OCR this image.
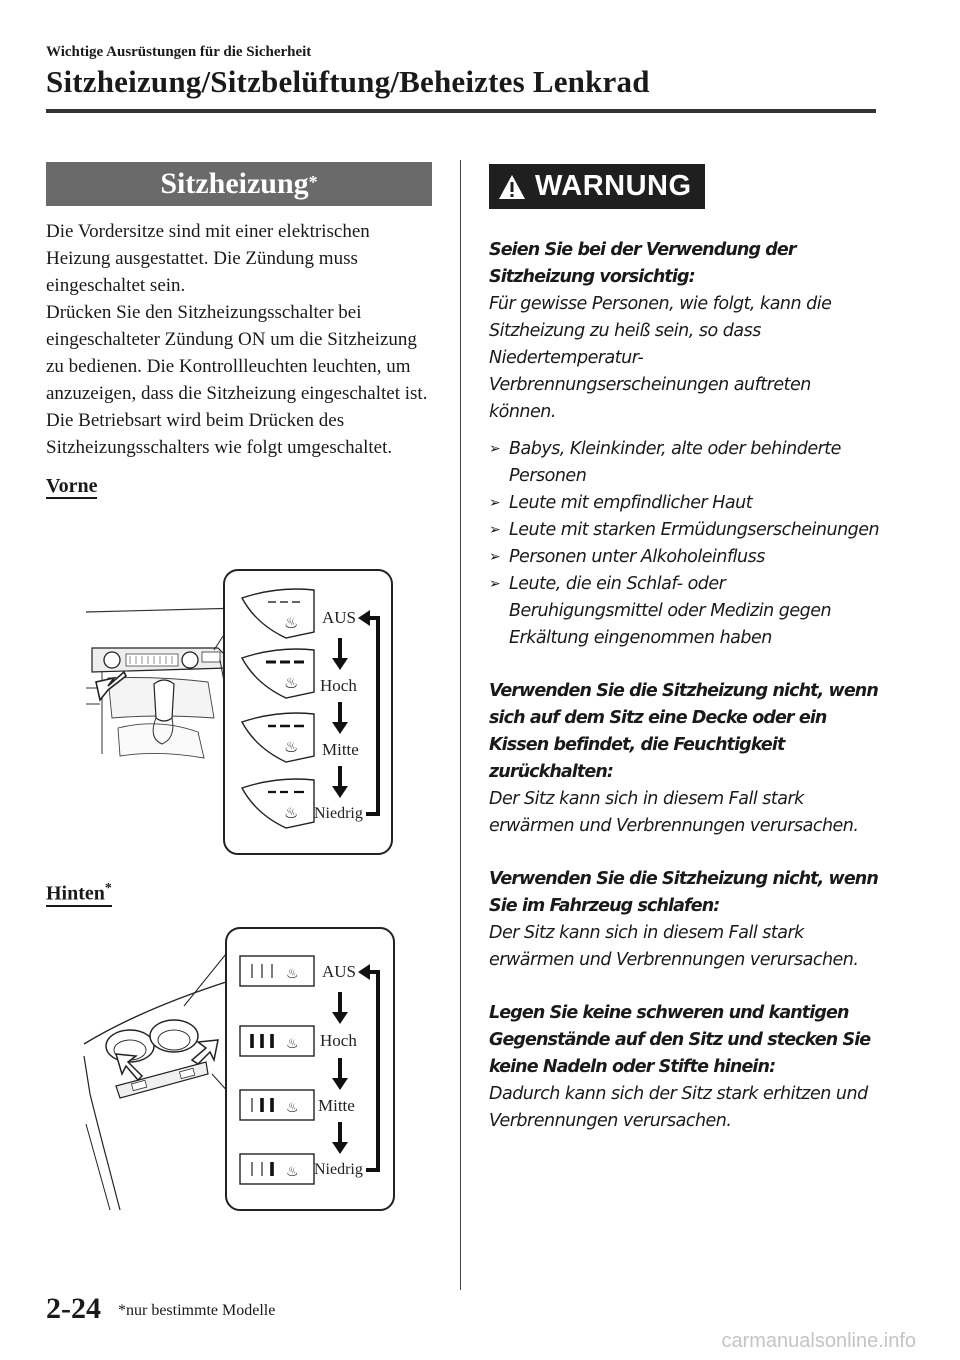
Wichtige Ausrüstungen für die Sicherheit
Sitzheizung/Sitzbelüftung/Beheiztes Lenkrad
Sitzheizung*

Die Vordersitze sind mit einer elektrischen Heizung ausgestattet. Die Zündung muss eingeschaltet sein.

Drücken Sie den Sitzheizungsschalter bei eingeschalteter Zündung ON um die Sitzheizung zu bedienen. Die Kontrollleuchten leuchten, um anzuzeigen, dass die Sitzheizung eingeschaltet ist. Die Betriebsart wird beim Drücken des Sitzheizungsschalters wie folgt umgeschaltet.

Vorne
♨
♨
♨
♨
AUS
Hoch
Mitte
Niedrig
Hinten*
♨
♨
♨
♨
AUS
Hoch
Mitte
Niedrig
WARNUNG
Seien Sie bei der Verwendung der Sitzheizung vorsichtig:
Für gewisse Personen, wie folgt, kann die Sitzheizung zu heiß sein, so dass Niedertemperatur-Verbrennungserscheinungen auftreten können.
➢ Babys, Kleinkinder, alte oder behinderte Personen
➢ Leute mit empfindlicher Haut
➢ Leute mit starken Ermüdungserscheinungen
➢ Personen unter Alkoholeinfluss
➢ Leute, die ein Schlaf- oder Beruhigungsmittel oder Medizin gegen Erkältung eingenommen haben
Verwenden Sie die Sitzheizung nicht, wenn sich auf dem Sitz eine Decke oder ein Kissen befindet, die Feuchtigkeit zurückhalten:
Der Sitz kann sich in diesem Fall stark erwärmen und Verbrennungen verursachen.
Verwenden Sie die Sitzheizung nicht, wenn Sie im Fahrzeug schlafen:
Der Sitz kann sich in diesem Fall stark erwärmen und Verbrennungen verursachen.
Legen Sie keine schweren und kantigen Gegenstände auf den Sitz und stecken Sie keine Nadeln oder Stifte hinein:
Dadurch kann sich der Sitz stark erhitzen und Verbrennungen verursachen.
2-24 *nur bestimmte Modelle
carmanualsonline.info
